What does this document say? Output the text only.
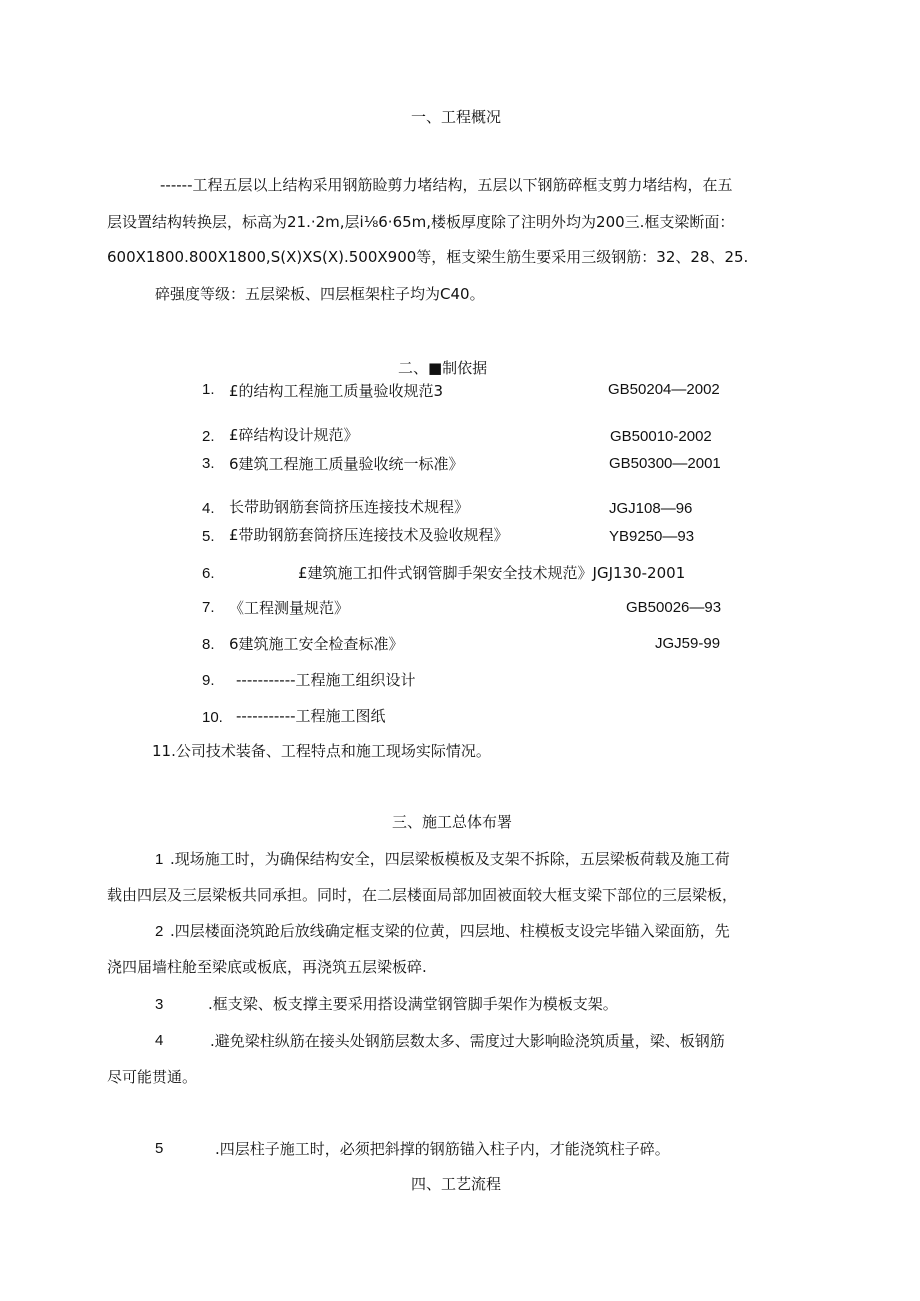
一、工程概况
------工程五层以上结构采用钢筋睑剪力堵结构，五层以下钢筋碎框支剪力堵结构，在五
层设置结构转换层，标高为21.·2m,层i⅛6·65m,楼板厚度除了注明外均为200三.框支梁断面：
600X1800.800X1800,S(X)XS(X).500X900等，框支梁生筋生要采用三级钢筋：32、28、25.
碎强度等级：五层梁板、四层框架柱子均为C40。
二、■制依据
1. £的结构工程施工质量验收规范3	GB50204—2002
2. £碎结构设计规范》	GB50010-2002
3. 6建筑工程施工质量验收统一标准》	GB50300—2001
4. 长带助钢筋套筒挤压连接技术规程》	JGJ108—96
5. £带助钢筋套筒挤压连接技术及验收规程》	YB9250—93
6.	£建筑施工扣件式钢管脚手架安全技术规范》JGJ130-2001
7. 《工程测量规范》	GB50026—93
8. 6建筑施工安全检查标准》	JGJ59-99
9. -----------工程施工组织设计
10. -----------工程施工图纸
11.公司技术装备、工程特点和施工现场实际情况。
三、施工总体布署
1 .现场施工时，为确保结构安全，四层梁板模板及支架不拆除，五层梁板荷载及施工荷
载由四层及三层梁板共同承担。同时，在二层楼面局部加固被面较大框支梁下部位的三层梁板，
2 .四层楼面浇筑跄后放线确定框支梁的位黄，四层地、柱模板支设完毕锚入梁面筋，先
浇四届墙柱舱至梁底或板底，再浇筑五层梁板碎.
3	.框支梁、板支撑主要采用搭设满堂钢管脚手架作为模板支架。
4	.避免梁柱纵筋在接头处钢筋层数太多、需度过大影响睑浇筑质量，梁、板钢筋
尽可能贯通。
5	.四层柱子施工时，必须把斜撑的钢筋锚入柱子内，才能浇筑柱子碎。
四、工艺流程
